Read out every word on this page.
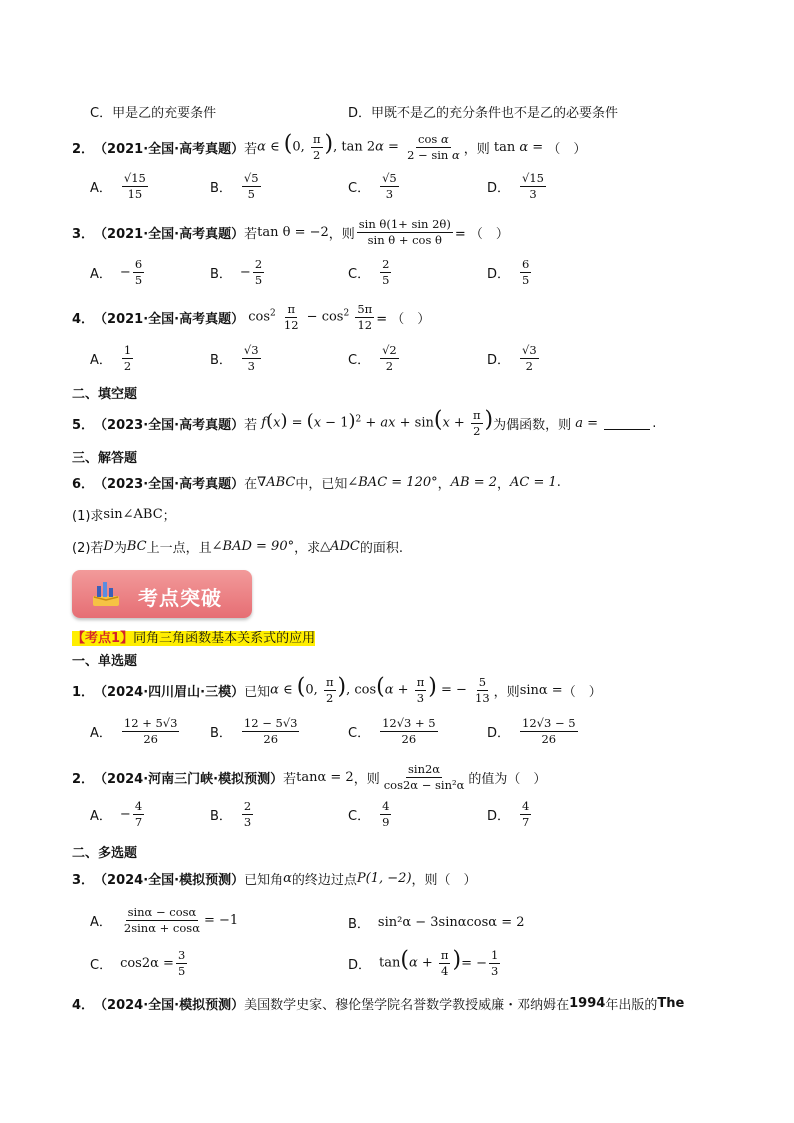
C．甲是乙的充要条件	D．甲既不是乙的充分条件也不是乙的必要条件
2． （2021·全国·高考真题） 若 α ∈ (0, $\frac{\pi}{2}$ ), $\tan 2\alpha = \frac{\text{cos α}}{\text{2 − sin α}}$ ，则 tan α = （　）
A． $\frac{√15}{15}$	B． $\frac{√5}{5}$	C． $\frac{√5}{3}$	D． $\frac{√15}{3}$
3． （2021·全国·高考真题） 若 tan θ = −2 ，则 $\frac{\text{sin θ(1+ sin 2θ)}}{\text{sin θ + cos θ}}$ = （　）
A． − $\frac{6}{5}$	B． − $\frac{2}{5}$	C． $\frac{2}{5}$	D． $\frac{6}{5}$
4． （2021·全国·高考真题） $\cos^2 \frac{\pi}{12} - \cos^2 \frac{5\pi}{12}$ = （　）
A． $\frac{1}{2}$	B． $\frac{√3}{3}$	C． $\frac{√2}{2}$	D． $\frac{√3}{2}$
二、填空题
5． （2023·全国·高考真题） 若 $f(x) = (x - 1)^2$ + ax + $\sin(x + \frac{\pi}{2}$ ) 为偶函数，则 a =	.
三、解答题
6． （2023·全国·高考真题） 在 ∇ABC 中，已知 ∠BAC = 120° ， AB = 2 ， AC = 1 .
(1)求 sin∠ABC ；
(2)若 D 为 BC 上一点，且 ∠BAD = 90° ，求 △ADC 的面积.
考点突破
【考点1】同角三角函数基本关系式的应用
一、单选题
1． （2024·四川眉山·三模） 已知 α ∈ (0, $\frac{\pi}{2}$ ), $\cos(\alpha + \frac{\pi}{3}$ ) = − $\frac{5}{13}$ ，则 sinα = （　）
A． $\frac{12 + 5√3}{26}$ B． $\frac{12 - 5√3}{26}$	C． $\frac{12√3 + 5}{26}$	D． $\frac{12√3 - 5}{26}$
2． （2024·河南三门峡·模拟预测） 若 tanα = 2 ，则 $\frac{\sin 2\alpha}{\text{cos2α − sin²α}}$ 的值为（　）
A． − $\frac{4}{7}$	B． $\frac{2}{3}$	C． $\frac{4}{9}$	D． $\frac{4}{7}$
二、多选题
3． （2024·全国·模拟预测） 已知角 α 的终边过点 P(1, −2) ，则（　）
A． $\frac{\sin\alpha - \cos\alpha}{2\sin\alpha + \cos\alpha} = -1$	B． sin²α − 3sinαcosα = 2
C． $\cos 2\alpha = \frac{3}{5}$	D． $\tan(\alpha + \frac{\pi}{4}$ ) = − $\frac{1}{3}$
4． （2024·全国·模拟预测） 美国数学史家、穆伦堡学院名誉数学教授威廉・邓纳姆在 1994 年出版的 The
